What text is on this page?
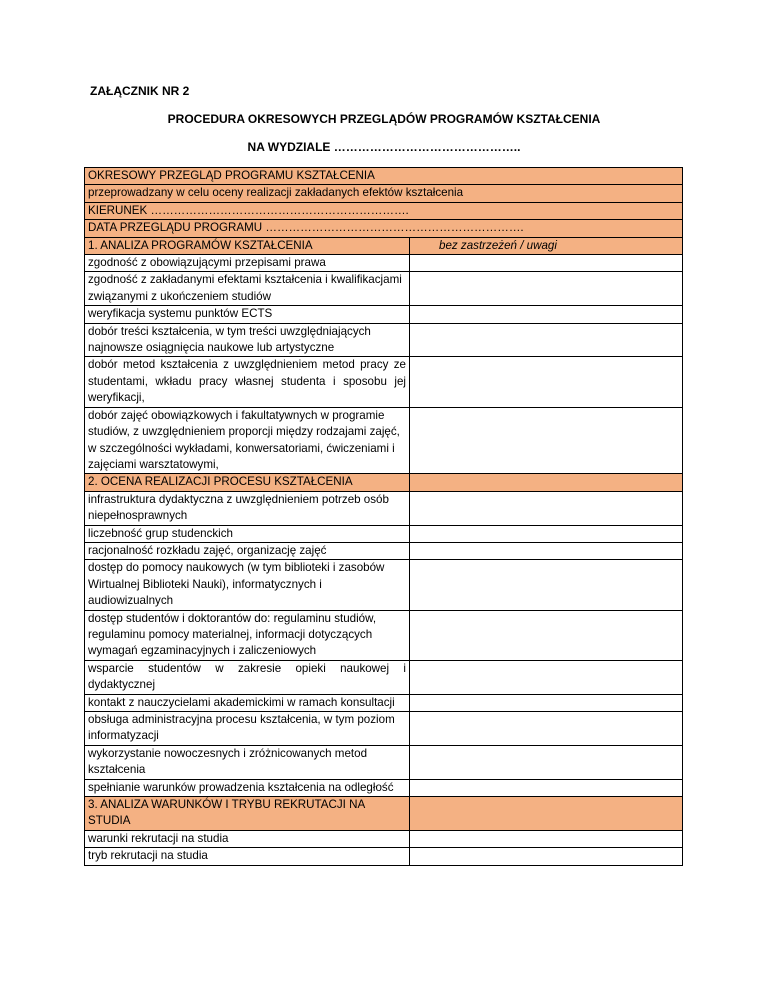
ZAŁĄCZNIK NR 2
PROCEDURA OKRESOWYCH PRZEGLĄDÓW PROGRAMÓW KSZTAŁCENIA
NA WYDZIALE ………………………………………..
OKRESOWY PRZEGLĄD PROGRAMU KSZTAŁCENIA	
przeprowadzany w celu oceny realizacji zakładanych efektów kształcenia	
KIERUNEK ………………………………………………………….	
DATA PRZEGLĄDU PROGRAMU ………………………………………………………….	
1. ANALIZA PROGRAMÓW KSZTAŁCENIA	bez zastrzeżeń / uwagi
zgodność z obowiązującymi przepisami prawa	
zgodność z zakładanymi efektami kształcenia i kwalifikacjami związanymi z ukończeniem studiów	
weryfikacja systemu punktów ECTS	
dobór treści kształcenia, w tym treści uwzględniających najnowsze osiągnięcia naukowe lub artystyczne	
dobór metod kształcenia z uwzględnieniem metod pracy ze studentami, wkładu pracy własnej studenta i sposobu jej weryfikacji,	
dobór zajęć obowiązkowych i fakultatywnych w programie studiów, z uwzględnieniem proporcji między rodzajami zajęć, w szczególności wykładami, konwersatoriami, ćwiczeniami i zajęciami warsztatowymi,	
2. OCENA REALIZACJI PROCESU KSZTAŁCENIA	
infrastruktura dydaktyczna z uwzględnieniem potrzeb osób niepełnosprawnych	
liczebność grup studenckich	
racjonalność rozkładu zajęć, organizację zajęć	
dostęp do pomocy naukowych (w tym biblioteki i zasobów Wirtualnej Biblioteki Nauki), informatycznych i audiowizualnych	
dostęp studentów i doktorantów do: regulaminu studiów, regulaminu pomocy materialnej, informacji dotyczących wymagań egzaminacyjnych i zaliczeniowych	
wsparcie studentów w zakresie opieki naukowej i dydaktycznej	
kontakt z nauczycielami akademickimi w ramach konsultacji	
obsługa administracyjna procesu kształcenia, w tym poziom informatyzacji	
wykorzystanie nowoczesnych i zróżnicowanych metod kształcenia	
spełnianie warunków prowadzenia kształcenia na odległość	
3. ANALIZA WARUNKÓW I TRYBU REKRUTACJI NA STUDIA	
warunki rekrutacji na studia	
tryb rekrutacji na studia	
